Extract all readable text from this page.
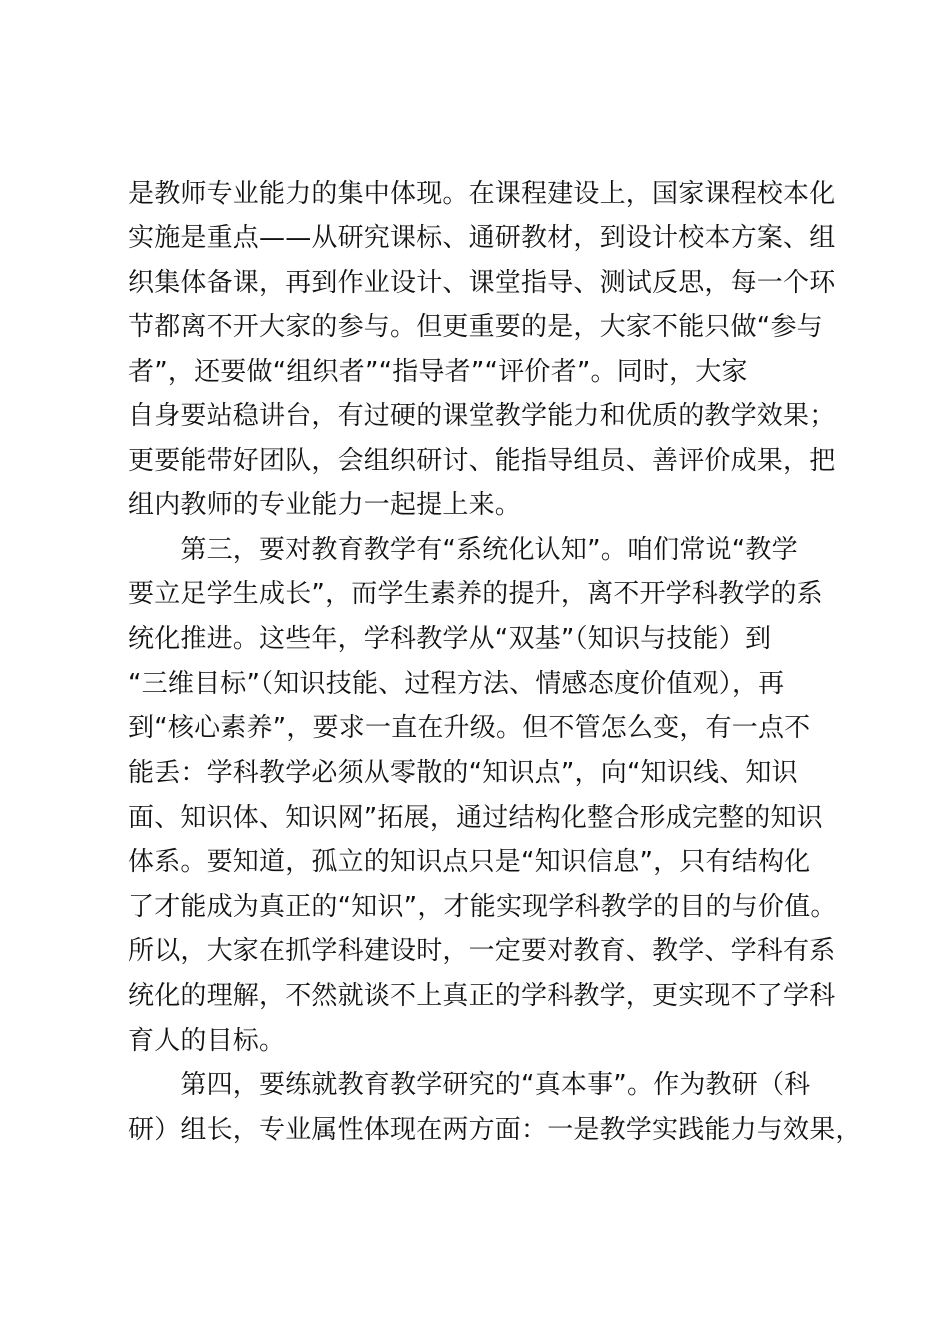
是教师专业能力的集中体现。在课程建设上，国家课程校本化
实施是重点——从研究课标、通研教材，到设计校本方案、组
织集体备课，再到作业设计、课堂指导、测试反思，每一个环
节都离不开大家的参与。但更重要的是，大家不能只做“参与
者”，还要做“组织者”“指导者”“评价者”。同时，大家
自身要站稳讲台，有过硬的课堂教学能力和优质的教学效果；
更要能带好团队，会组织研讨、能指导组员、善评价成果，把
组内教师的专业能力一起提上来。
　　第三，要对教育教学有“系统化认知”。咱们常说“教学
要立足学生成长”，而学生素养的提升，离不开学科教学的系
统化推进。这些年，学科教学从“双基”（知识与技能）到
“三维目标”（知识技能、过程方法、情感态度价值观），再
到“核心素养”，要求一直在升级。但不管怎么变，有一点不
能丢：学科教学必须从零散的“知识点”，向“知识线、知识
面、知识体、知识网”拓展，通过结构化整合形成完整的知识
体系。要知道，孤立的知识点只是“知识信息”，只有结构化
了才能成为真正的“知识”，才能实现学科教学的目的与价值。
所以，大家在抓学科建设时，一定要对教育、教学、学科有系
统化的理解，不然就谈不上真正的学科教学，更实现不了学科
育人的目标。
　　第四，要练就教育教学研究的“真本事”。作为教研（科
研）组长，专业属性体现在两方面：一是教学实践能力与效果，
